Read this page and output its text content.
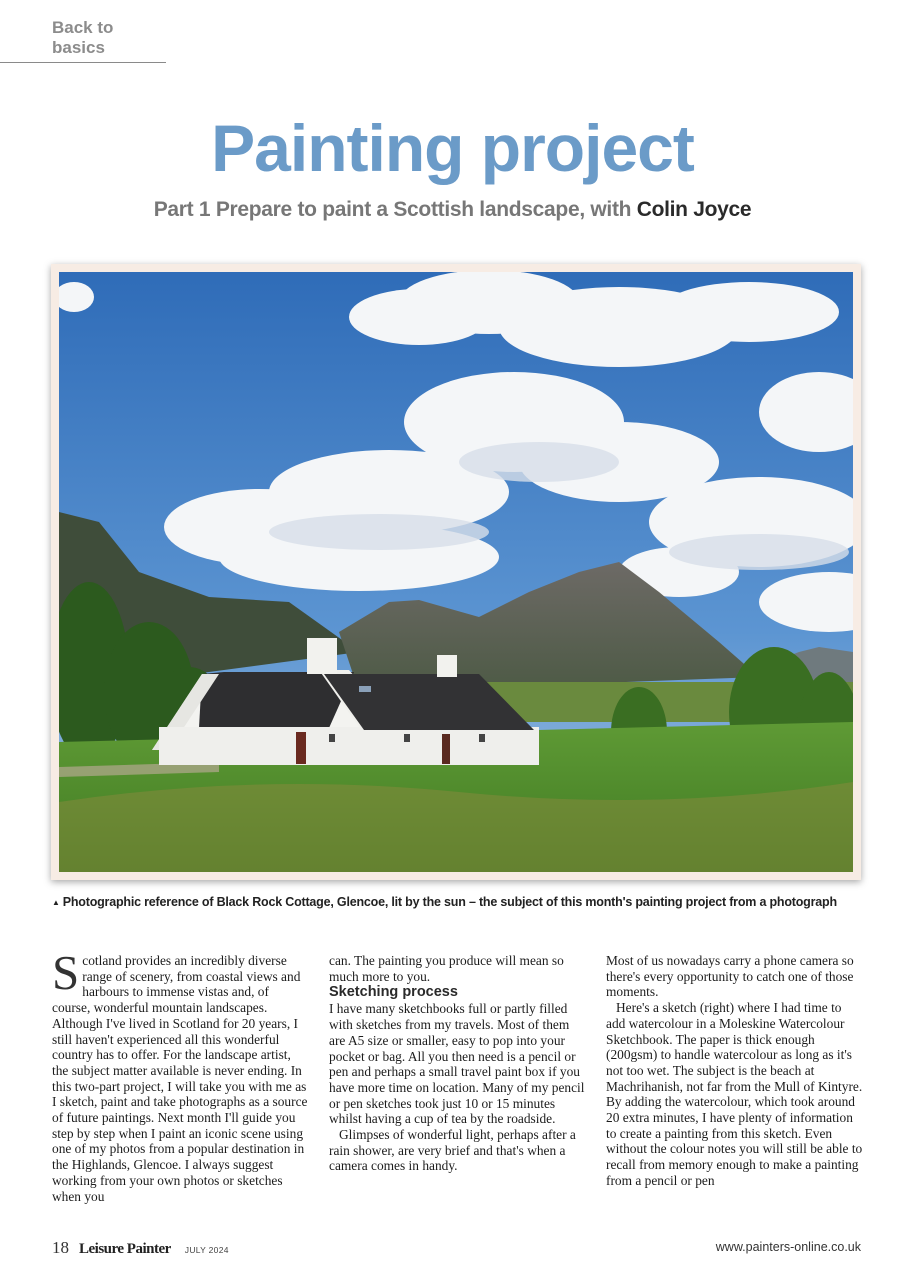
Back to basics
Painting project
Part 1 Prepare to paint a Scottish landscape, with Colin Joyce
▲ Photographic reference of Black Rock Cottage, Glencoe, lit by the sun – the subject of this month's painting project from a photograph

Scotland provides an incredibly diverse range of scenery, from coastal views and harbours to immense vistas and, of course, wonderful mountain landscapes. Although I've lived in Scotland for 20 years, I still haven't experienced all this wonderful country has to offer. For the landscape artist, the subject matter available is never ending. In this two-part project, I will take you with me as I sketch, paint and take photographs as a source of future paintings. Next month I'll guide you step by step when I paint an iconic scene using one of my photos from a popular destination in the Highlands, Glencoe. I always suggest working from your own photos or sketches when you

can. The painting you produce will mean so much more to you.

Sketching process

I have many sketchbooks full or partly filled with sketches from my travels. Most of them are A5 size or smaller, easy to pop into your pocket or bag. All you then need is a pencil or pen and perhaps a small travel paint box if you have more time on location. Many of my pencil or pen sketches took just 10 or 15 minutes whilst having a cup of tea by the roadside.

Glimpses of wonderful light, perhaps after a rain shower, are very brief and that's when a camera comes in handy.

Most of us nowadays carry a phone camera so there's every opportunity to catch one of those moments.

Here's a sketch (right) where I had time to add watercolour in a Moleskine Watercolour Sketchbook. The paper is thick enough (200gsm) to handle watercolour as long as it's not too wet. The subject is the beach at Machrihanish, not far from the Mull of Kintyre. By adding the watercolour, which took around 20 extra minutes, I have plenty of information to create a painting from this sketch. Even without the colour notes you will still be able to recall from memory enough to make a painting from a pencil or pen

18 Leisure Painter JULY 2024	www.painters-online.co.uk
